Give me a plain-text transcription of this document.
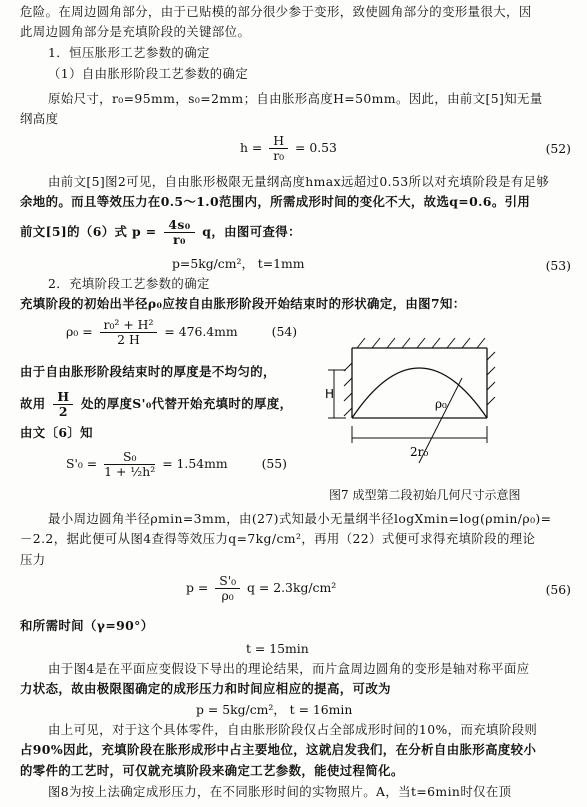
危险。在周边圆角部分，由于已贴模的部分很少参于变形，致使圆角部分的变形量很大，因
此周边圆角部分是充填阶段的关键部位。
1．恒压胀形工艺参数的确定
（1）自由胀形阶段工艺参数的确定
原始尺寸，r₀=95mm，s₀=2mm；自由胀形高度H=50mm。因此，由前文[5]知无量
纲高度
$h = \frac{H}{\text{r₀}} = 0.53$	(52)
由前文[5]图2可见，自由胀形极限无量纲高度hmax远超过0.53所以对充填阶段是有足够
余地的。而且等效压力在0.5～1.0范围内，所需成形时间的变化不大，故选q=0.6。引用
前文[5]的（6）式 $p = \frac{\text{4s₀}}{\text{r₀}}$ q，由图可查得：
p=5kg/cm²， t=1mm	(53)
2．充填阶段工艺参数的确定
充填阶段的初始出半径ρ₀应按自由胀形阶段开始结束时的形状确定，由图7知：
$\rho_0 = \frac{\text{r₀² + H²}}{2 H} = 476.4mm$	(54)
由于自由胀形阶段结束时的厚度是不均匀的，
故用 $\frac{H}{2}$ 处的厚度S'₀代替开始充填时的厚度，
由文〔6〕知
$S'_0 = \frac{\text{S₀}}{\text{1 + ½h²}} = 1.54mm$	(55)
H
ρ₀
2r₀
图7 成型第二段初始几何尺寸示意图
最小周边圆角半径ρmin=3mm，由(27)式知最小无量纲半径logXmin=log(ρmin/ρ₀)=
－2.2，据此便可从图4查得等效压力q=7kg/cm²，再用（22）式便可求得充填阶段的理论
压力
$p = \frac{\text{S'₀}}{\text{ρ₀}}$ q = 2.3kg/cm²	(56)
和所需时间（γ=90°）
t = 15min
由于图4是在平面应变假设下导出的理论结果，而片盒周边圆角的变形是轴对称平面应
力状态，故由极限图确定的成形压力和时间应相应的提高，可改为
p = 5kg/cm²， t = 16min
由上可见，对于这个具体零件，自由胀形阶段仅占全部成形时间的10%，而充填阶段则
占90%因此，充填阶段在胀形成形中占主要地位，这就启发我们，在分析自由胀形高度较小
的零件的工艺时，可仅就充填阶段来确定工艺参数，能使过程简化。
图8为按上法确定成形压力，在不同胀形时间的实物照片。A，当t=6min时仅在顶
